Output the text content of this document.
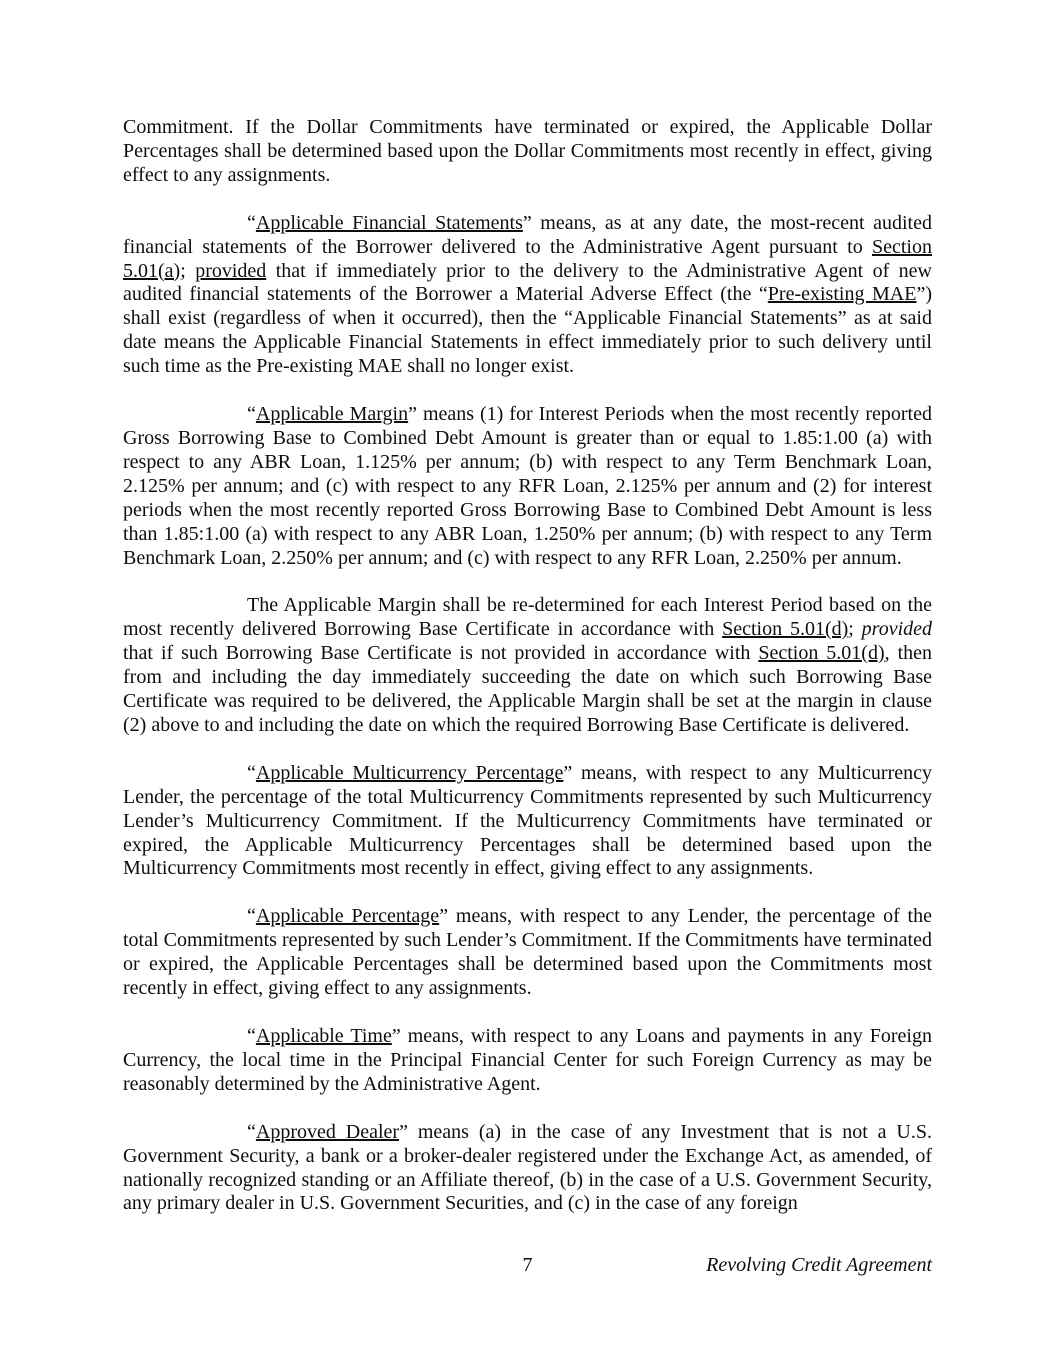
Commitment. If the Dollar Commitments have terminated or expired, the Applicable Dollar Percentages shall be determined based upon the Dollar Commitments most recently in effect, giving effect to any assignments.

“Applicable Financial Statements” means, as at any date, the most-recent audited financial statements of the Borrower delivered to the Administrative Agent pursuant to Section 5.01(a); provided that if immediately prior to the delivery to the Administrative Agent of new audited financial statements of the Borrower a Material Adverse Effect (the “Pre-existing MAE”) shall exist (regardless of when it occurred), then the “Applicable Financial Statements” as at said date means the Applicable Financial Statements in effect immediately prior to such delivery until such time as the Pre-existing MAE shall no longer exist.

“Applicable Margin” means (1) for Interest Periods when the most recently reported Gross Borrowing Base to Combined Debt Amount is greater than or equal to 1.85:1.00 (a) with respect to any ABR Loan, 1.125% per annum; (b) with respect to any Term Benchmark Loan, 2.125% per annum; and (c) with respect to any RFR Loan, 2.125% per annum and (2) for interest periods when the most recently reported Gross Borrowing Base to Combined Debt Amount is less than 1.85:1.00 (a) with respect to any ABR Loan, 1.250% per annum; (b) with respect to any Term Benchmark Loan, 2.250% per annum; and (c) with respect to any RFR Loan, 2.250% per annum.

The Applicable Margin shall be re-determined for each Interest Period based on the most recently delivered Borrowing Base Certificate in accordance with Section 5.01(d); provided that if such Borrowing Base Certificate is not provided in accordance with Section 5.01(d), then from and including the day immediately succeeding the date on which such Borrowing Base Certificate was required to be delivered, the Applicable Margin shall be set at the margin in clause (2) above to and including the date on which the required Borrowing Base Certificate is delivered.

“Applicable Multicurrency Percentage” means, with respect to any Multicurrency Lender, the percentage of the total Multicurrency Commitments represented by such Multicurrency Lender’s Multicurrency Commitment. If the Multicurrency Commitments have terminated or expired, the Applicable Multicurrency Percentages shall be determined based upon the Multicurrency Commitments most recently in effect, giving effect to any assignments.

“Applicable Percentage” means, with respect to any Lender, the percentage of the total Commitments represented by such Lender’s Commitment. If the Commitments have terminated or expired, the Applicable Percentages shall be determined based upon the Commitments most recently in effect, giving effect to any assignments.

“Applicable Time” means, with respect to any Loans and payments in any Foreign Currency, the local time in the Principal Financial Center for such Foreign Currency as may be reasonably determined by the Administrative Agent.

“Approved Dealer” means (a) in the case of any Investment that is not a U.S. Government Security, a bank or a broker-dealer registered under the Exchange Act, as amended, of nationally recognized standing or an Affiliate thereof, (b) in the case of a U.S. Government Security, any primary dealer in U.S. Government Securities, and (c) in the case of any foreign

7	Revolving Credit Agreement
